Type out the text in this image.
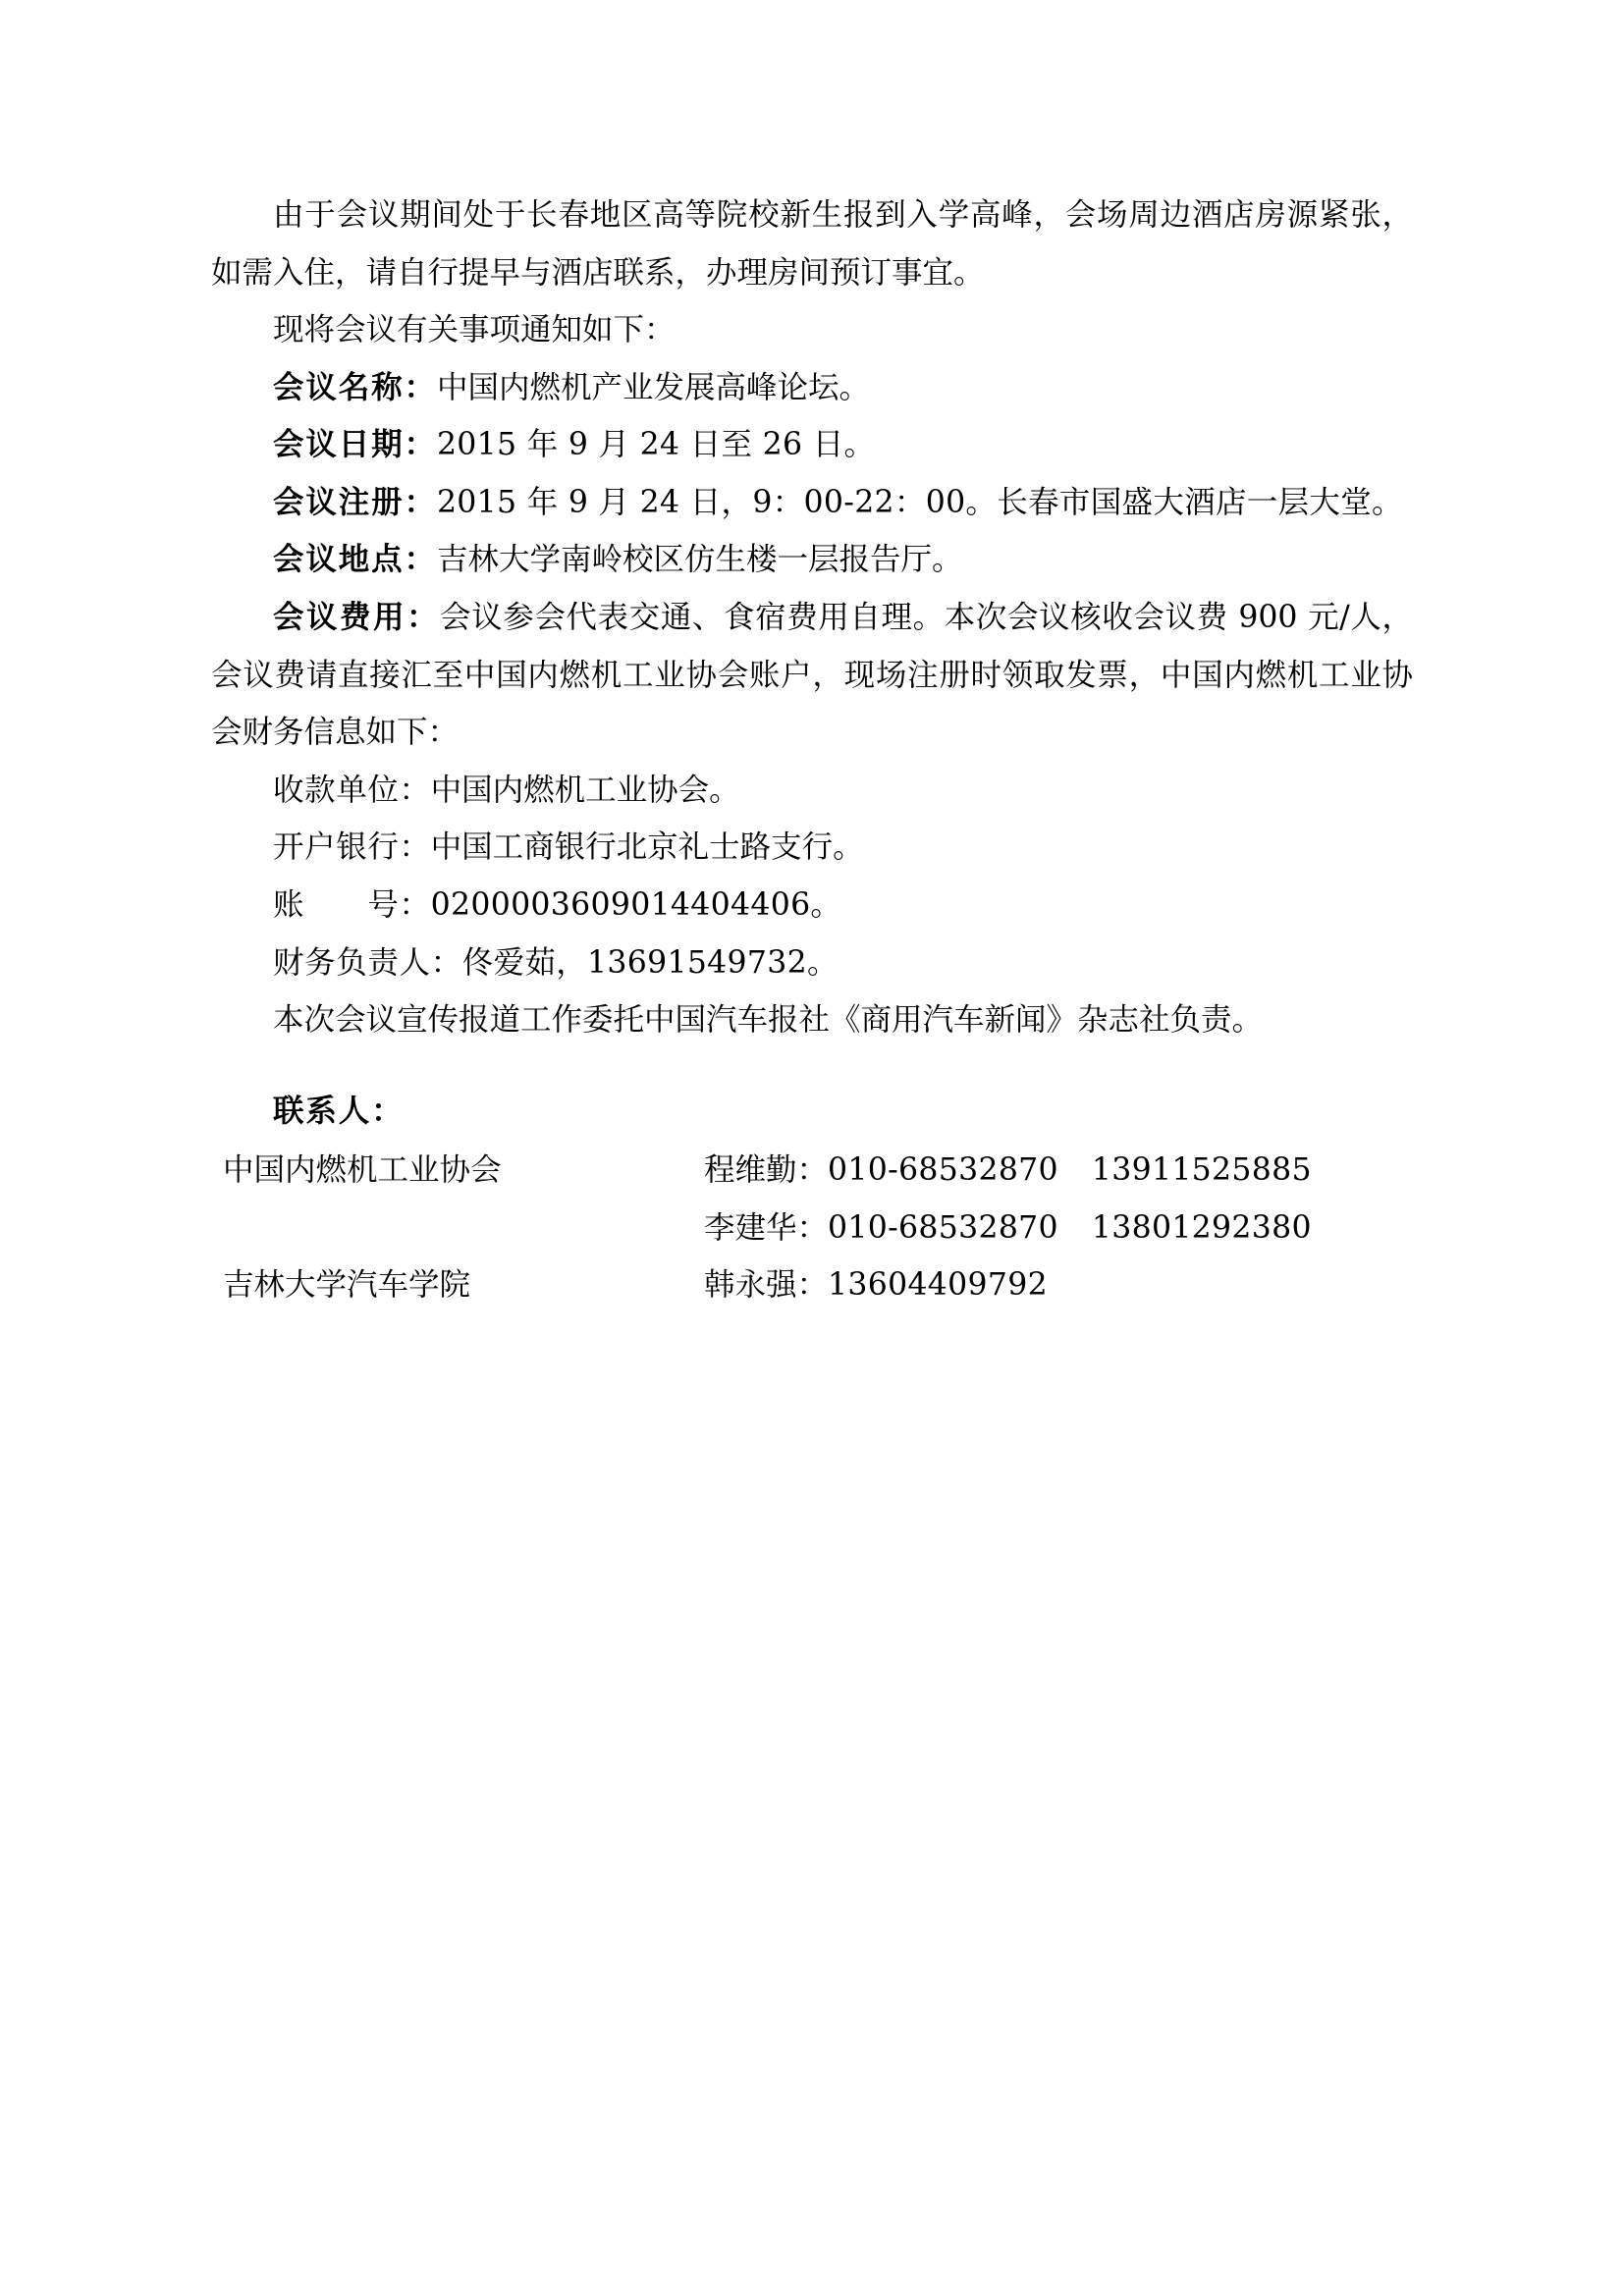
由于会议期间处于长春地区高等院校新生报到入学高峰，会场周边酒店房源紧张，如需入住，请自行提早与酒店联系，办理房间预订事宜。

现将会议有关事项通知如下：

会议名称：中国内燃机产业发展高峰论坛。

会议日期：2015 年 9 月 24 日至 26 日。

会议注册：2015 年 9 月 24 日，9：00-22：00。长春市国盛大酒店一层大堂。

会议地点：吉林大学南岭校区仿生楼一层报告厅。

会议费用：会议参会代表交通、食宿费用自理。本次会议核收会议费 900 元/人，会议费请直接汇至中国内燃机工业协会账户，现场注册时领取发票，中国内燃机工业协会财务信息如下：

收款单位：中国内燃机工业协会。

开户银行：中国工商银行北京礼士路支行。

账　　号：0200003609014404406。

财务负责人：佟爱茹，13691549732。

本次会议宣传报道工作委托中国汽车报社《商用汽车新闻》杂志社负责。

联系人：

中国内燃机工业协会	程维勤：010-68532870 13911525885
	李建华：010-68532870 13801292380
吉林大学汽车学院	韩永强：13604409792
